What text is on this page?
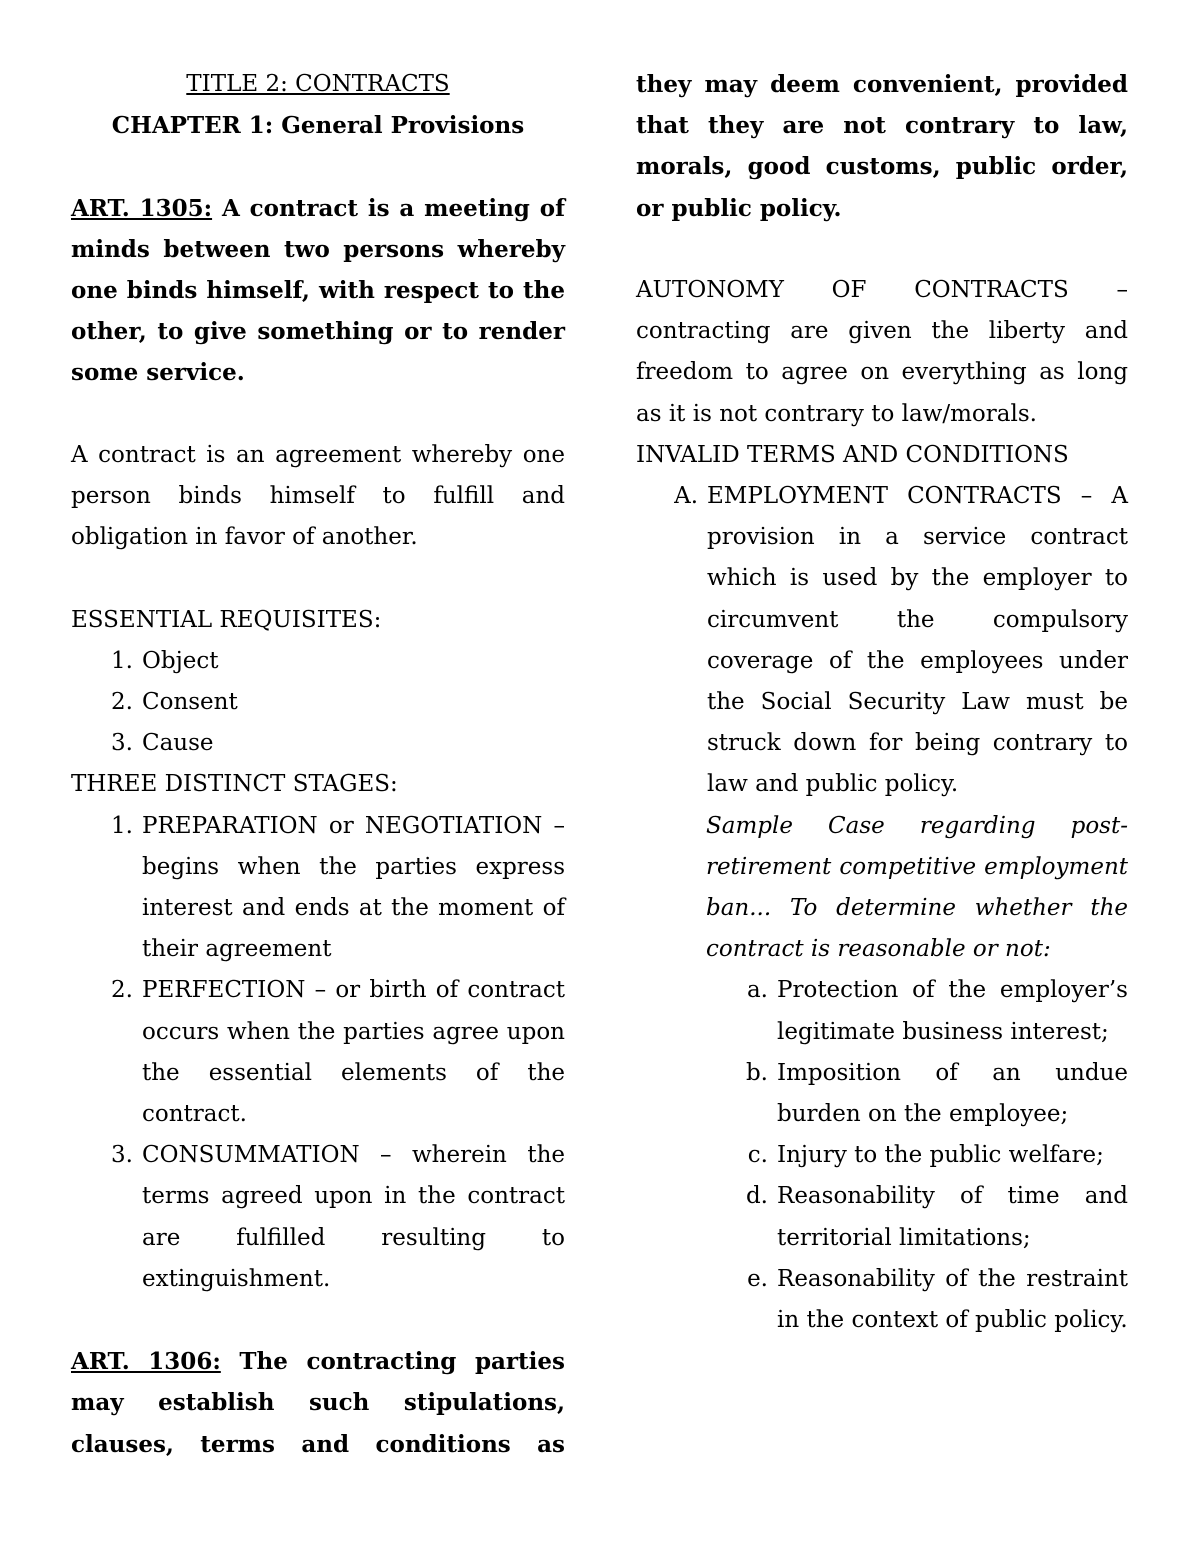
TITLE 2: CONTRACTS

CHAPTER 1: General Provisions

ART. 1305: A contract is a meeting of minds between two persons whereby one binds himself, with respect to the other, to give something or to render some service.

A contract is an agreement whereby one person binds himself to fulfill and obligation in favor of another.

ESSENTIAL REQUISITES:

1. Object
2. Consent
3. Cause

THREE DISTINCT STAGES:

1. PREPARATION or NEGOTIATION – begins when the parties express interest and ends at the moment of their agreement
2. PERFECTION – or birth of contract occurs when the parties agree upon the essential elements of the contract.
3. CONSUMMATION – wherein the terms agreed upon in the contract are fulfilled resulting to extinguishment.

ART. 1306: The contracting parties may establish such stipulations, clauses, terms and conditions as

they may deem convenient, provided that they are not contrary to law, morals, good customs, public order, or public policy.

AUTONOMY OF CONTRACTS – contracting are given the liberty and freedom to agree on everything as long as it is not contrary to law/morals.

INVALID TERMS AND CONDITIONS

A. EMPLOYMENT CONTRACTS – A provision in a service contract which is used by the employer to circumvent the compulsory coverage of the employees under the Social Security Law must be struck down for being contrary to law and public policy.

Sample Case regarding post-retirement competitive employment ban... To determine whether the contract is reasonable or not:

a. Protection of the employer’s legitimate business interest;
b. Imposition of an undue burden on the employee;
c. Injury to the public welfare;
d. Reasonability of time and territorial limitations;
e. Reasonability of the restraint in the context of public policy.
